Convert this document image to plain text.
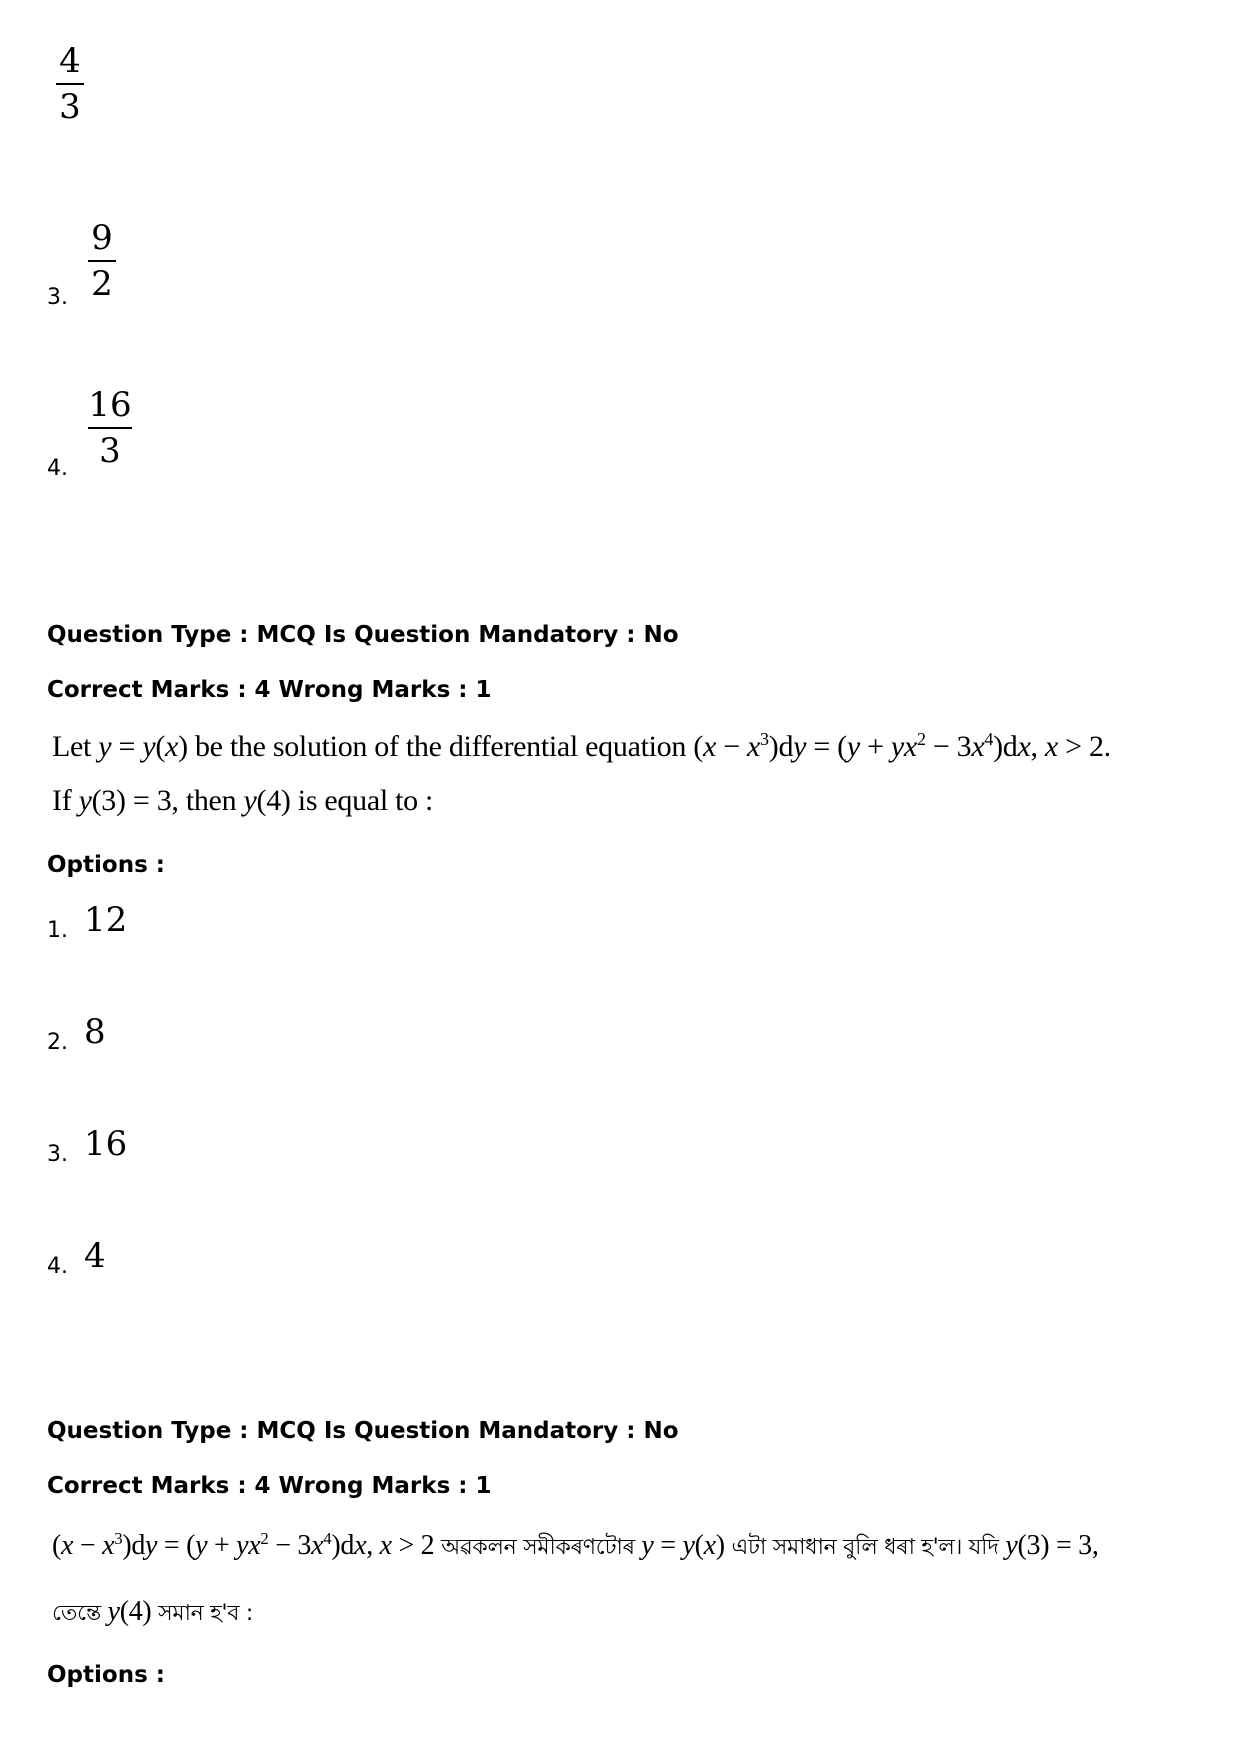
4
3
3.
9
2
4.
16
3
Question Type : MCQ Is Question Mandatory : No
Correct Marks : 4 Wrong Marks : 1
Let y = y(x) be the solution of the differential equation $(x - x^3)dy = (y + yx^2 - 3x^4)dx$, x > 2.
If y(3) = 3, then y(4) is equal to :
Options :
1. 12
2. 8
3. 16
4. 4
Question Type : MCQ Is Question Mandatory : No
Correct Marks : 4 Wrong Marks : 1
$(x - x^3)dy = (y + yx^2 - 3x^4)dx$, x > 2 অৱকলন সমীকৰণটোৰ y = y(x) এটা সমাধান বুলি ধৰা হ'ল। যদি y(3) = 3,
তেন্তে y(4) সমান হ'ব :
Options :
